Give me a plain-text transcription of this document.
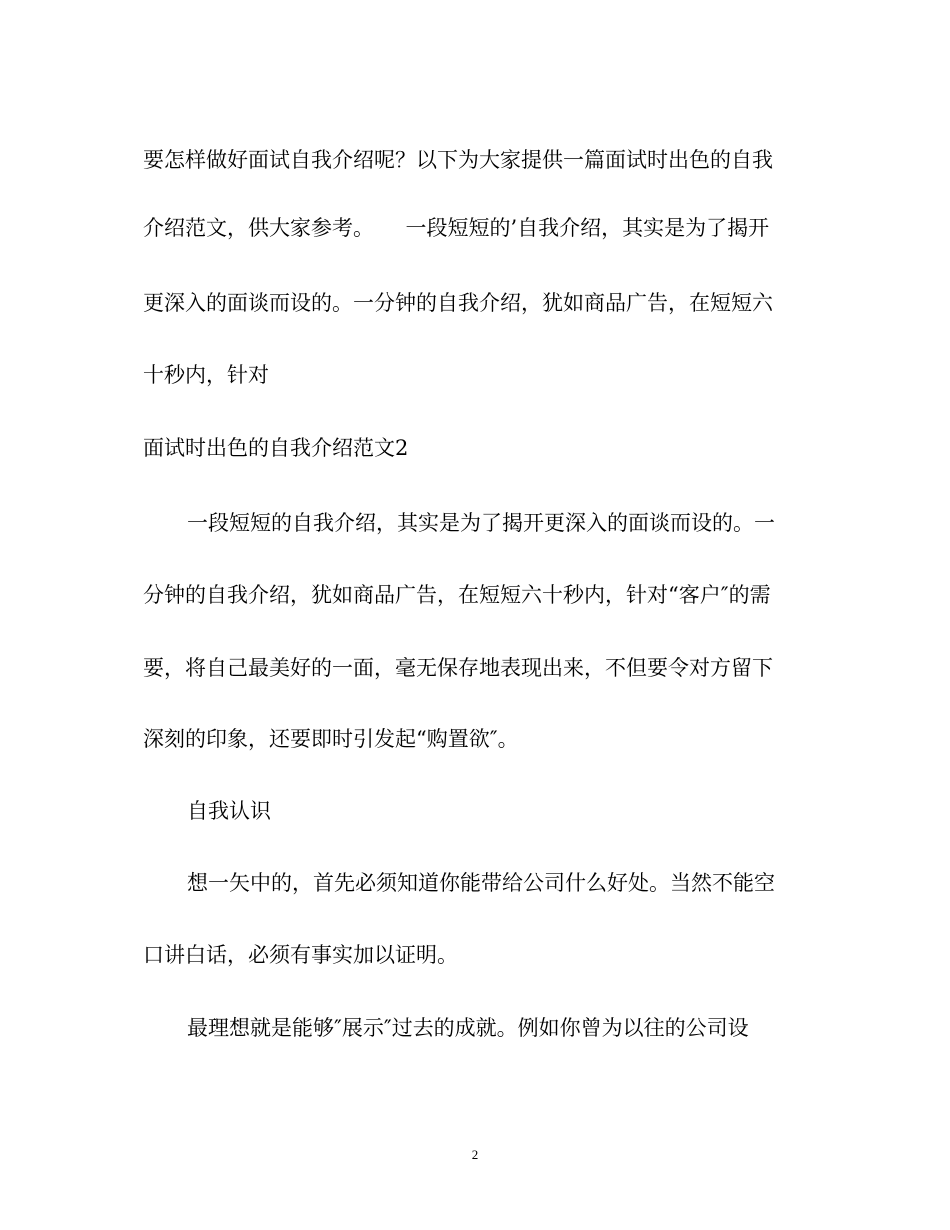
要怎样做好面试自我介绍呢？以下为大家提供一篇面试时出色的自我
介绍范文，供大家参考。　　一段短短的’自我介绍，其实是为了揭开
更深入的面谈而设的。一分钟的自我介绍，犹如商品广告，在短短六
十秒内，针对
面试时出色的自我介绍范文2
一段短短的自我介绍，其实是为了揭开更深入的面谈而设的。一
分钟的自我介绍，犹如商品广告，在短短六十秒内，针对“客户″的需
要，将自己最美好的一面，毫无保存地表现出来，不但要令对方留下
深刻的印象，还要即时引发起“购置欲″。
自我认识
想一矢中的，首先必须知道你能带给公司什么好处。当然不能空
口讲白话，必须有事实加以证明。
最理想就是能够″展示″过去的成就。例如你曾为以往的公司设
2
